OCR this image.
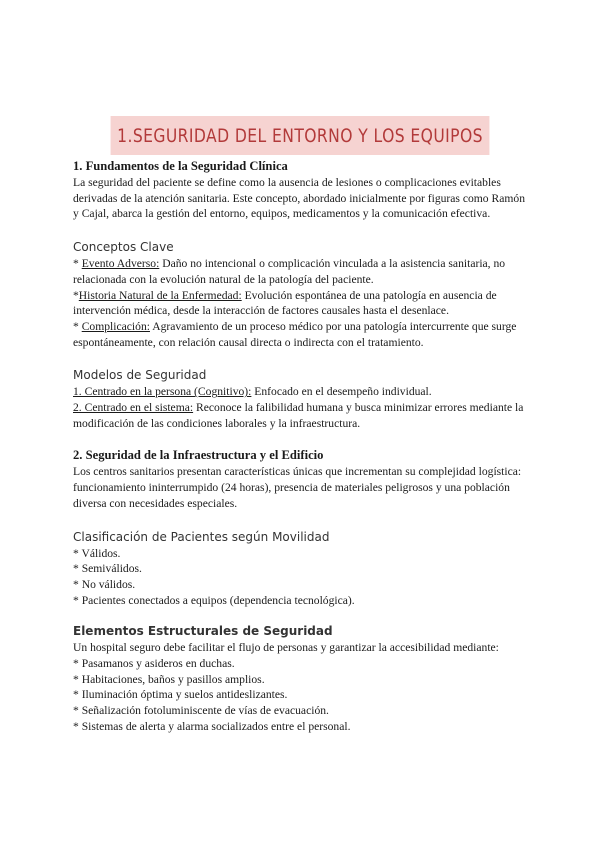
1.SEGURIDAD DEL ENTORNO Y LOS EQUIPOS
1. Fundamentos de la Seguridad Clínica

La seguridad del paciente se define como la ausencia de lesiones o complicaciones evitables derivadas de la atención sanitaria. Este concepto, abordado inicialmente por figuras como Ramón y Cajal, abarca la gestión del entorno, equipos, medicamentos y la comunicación efectiva.

Conceptos Clave

* Evento Adverso: Daño no intencional o complicación vinculada a la asistencia sanitaria, no relacionada con la evolución natural de la patología del paciente.

*Historia Natural de la Enfermedad: Evolución espontánea de una patología en ausencia de intervención médica, desde la interacción de factores causales hasta el desenlace.

* Complicación: Agravamiento de un proceso médico por una patología intercurrente que surge espontáneamente, con relación causal directa o indirecta con el tratamiento.

Modelos de Seguridad

1. Centrado en la persona (Cognitivo): Enfocado en el desempeño individual.

2. Centrado en el sistema: Reconoce la falibilidad humana y busca minimizar errores mediante la modificación de las condiciones laborales y la infraestructura.

2. Seguridad de la Infraestructura y el Edificio

Los centros sanitarios presentan características únicas que incrementan su complejidad logística: funcionamiento ininterrumpido (24 horas), presencia de materiales peligrosos y una población diversa con necesidades especiales.

Clasificación de Pacientes según Movilidad

* Válidos.

* Semiválidos.

* No válidos.

* Pacientes conectados a equipos (dependencia tecnológica).

Elementos Estructurales de Seguridad

Un hospital seguro debe facilitar el flujo de personas y garantizar la accesibilidad mediante:

* Pasamanos y asideros en duchas.

* Habitaciones, baños y pasillos amplios.

* Iluminación óptima y suelos antideslizantes.

* Señalización fotoluminiscente de vías de evacuación.

* Sistemas de alerta y alarma socializados entre el personal.
